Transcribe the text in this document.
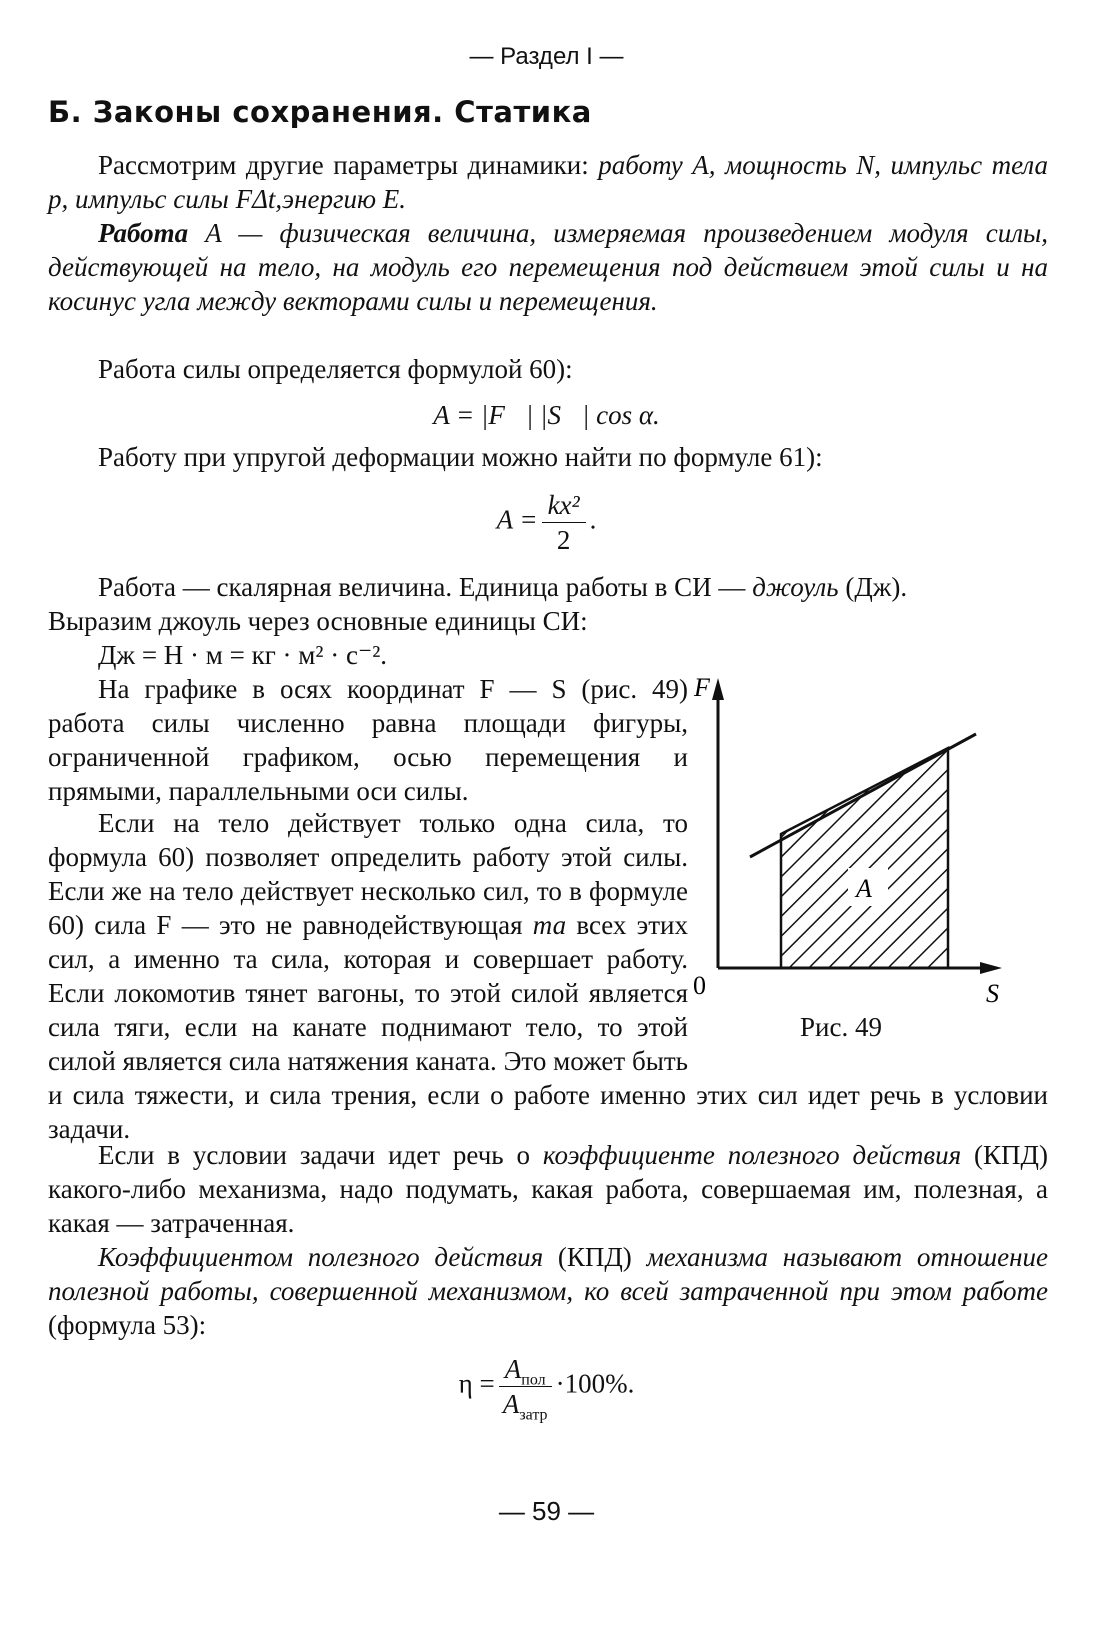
— Раздел I —
Б. Законы сохранения. Статика

Рассмотрим другие параметры динамики: работу A, мощность N, импульс тела p, импульс силы FΔt,энергию E.

Работа A — физическая величина, измеряемая произведением модуля силы, действующей на тело, на модуль его перемещения под действием этой силы и на косинус угла между векторами силы и перемещения.

Работа силы определяется формулой 60):

A = |F⃗| |S⃗| cos α.

Работу при упругой деформации можно найти по формуле 61):

$A = \frac{\text{kx²}}{2}$ .

Работа — скалярная величина. Единица работы в СИ — джоуль (Дж).

Выразим джоуль через основные единицы СИ:

Дж = Н · м = кг · м² · с⁻².

На графике в осях координат F — S (рис. 49) работа силы численно равна площади фигуры, ограниченной графиком, осью перемещения и прямыми, параллельными оси силы.

Если на тело действует только одна сила, то формула 60) позволяет определить работу этой силы. Если же на тело действует несколько сил, то в формуле 60) сила F — это не равнодействующая та всех этих сил, а именно та сила, которая и совершает работу. Если локомотив тянет вагоны, то этой силой является сила тяги, если на канате поднимают тело, то этой силой является сила натяжения каната. Это может быть и сила тяжести, и сила трения, если о работе именно этих сил идет речь в условии задачи.

Если в условии задачи идет речь о коэффициенте полезного действия (КПД) какого-либо механизма, надо подумать, какая работа, совершаемая им, полезная, а какая — затраченная.

Коэффициентом полезного действия (КПД) механизма называют отношение полезной работы, совершенной механизмом, ко всей затраченной при этом работе (формула 53):

$\eta = \frac{A_{пол}}{A_{затр}} \cdot 100\%$.
F
S
0
A
Рис. 49
— 59 —
